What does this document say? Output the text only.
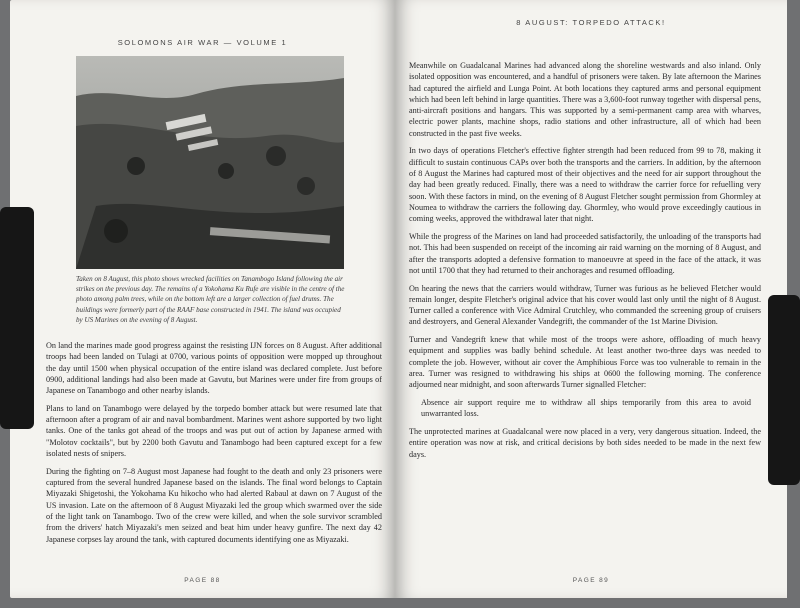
SOLOMONS AIR WAR — VOLUME 1
Taken on 8 August, this photo shows wrecked facilities on Tanambogo Island following the air strikes on the previous day. The remains of a Yokohama Ku Rufe are visible in the centre of the photo among palm trees, while on the bottom left are a larger collection of fuel drums. The buildings were formerly part of the RAAF base constructed in 1941. The island was occupied by US Marines on the evening of 8 August.

On land the marines made good progress against the resisting IJN forces on 8 August. After additional troops had been landed on Tulagi at 0700, various points of opposition were mopped up throughout the day until 1500 when physical occupation of the entire island was declared complete. Just before 0900, additional landings had also been made at Gavutu, but Marines were under fire from groups of Japanese on Tanambogo and other nearby islands.

Plans to land on Tanambogo were delayed by the torpedo bomber attack but were resumed late that afternoon after a program of air and naval bombardment. Marines went ashore supported by two light tanks. One of the tanks got ahead of the troops and was put out of action by Japanese armed with "Molotov cocktails", but by 2200 both Gavutu and Tanambogo had been captured except for a few isolated nests of snipers.

During the fighting on 7–8 August most Japanese had fought to the death and only 23 prisoners were captured from the several hundred Japanese based on the islands. The final word belongs to Captain Miyazaki Shigetoshi, the Yokohama Ku hikocho who had alerted Rabaul at dawn on 7 August of the US invasion. Late on the afternoon of 8 August Miyazaki led the group which swarmed over the side of the light tank on Tanambogo. Two of the crew were killed, and when the sole survivor scrambled from the drivers' hatch Miyazaki's men seized and beat him under heavy gunfire. The next day 42 Japanese corpses lay around the tank, with captured documents identifying one as Miyazaki.

PAGE 88
8 AUGUST: TORPEDO ATTACK!

Meanwhile on Guadalcanal Marines had advanced along the shoreline westwards and also inland. Only isolated opposition was encountered, and a handful of prisoners were taken. By late afternoon the Marines had captured the airfield and Lunga Point. At both locations they captured arms and personal equipment which had been left behind in large quantities. There was a 3,600-foot runway together with dispersal pens, anti-aircraft positions and hangars. This was supported by a semi-permanent camp area with wharves, electric power plants, machine shops, radio stations and other infrastructure, all of which had been constructed in the past five weeks.

In two days of operations Fletcher's effective fighter strength had been reduced from 99 to 78, making it difficult to sustain continuous CAPs over both the transports and the carriers. In addition, by the afternoon of 8 August the Marines had captured most of their objectives and the need for air support throughout the day had been greatly reduced. Finally, there was a need to withdraw the carrier force for refuelling very soon. With these factors in mind, on the evening of 8 August Fletcher sought permission from Ghormley at Noumea to withdraw the carriers the following day. Ghormley, who would prove exceedingly cautious in coming weeks, approved the withdrawal later that night.

While the progress of the Marines on land had proceeded satisfactorily, the unloading of the transports had not. This had been suspended on receipt of the incoming air raid warning on the morning of 8 August, and after the transports adopted a defensive formation to manoeuvre at speed in the face of the attack, it was not until 1700 that they had returned to their anchorages and resumed offloading.

On hearing the news that the carriers would withdraw, Turner was furious as he believed Fletcher would remain longer, despite Fletcher's original advice that his cover would last only until the night of 8 August. Turner called a conference with Vice Admiral Crutchley, who commanded the screening group of cruisers and destroyers, and General Alexander Vandegrift, the commander of the 1st Marine Division.

Turner and Vandegrift knew that while most of the troops were ashore, offloading of much heavy equipment and supplies was badly behind schedule. At least another two-three days was needed to complete the job. However, without air cover the Amphibious Force was too vulnerable to remain in the area. Turner was resigned to withdrawing his ships at 0600 the following morning. The conference adjourned near midnight, and soon afterwards Turner signalled Fletcher:

Absence air support require me to withdraw all ships temporarily from this area to avoid unwarranted loss.

The unprotected marines at Guadalcanal were now placed in a very, very dangerous situation. Indeed, the entire operation was now at risk, and critical decisions by both sides needed to be made in the next few days.

PAGE 89
